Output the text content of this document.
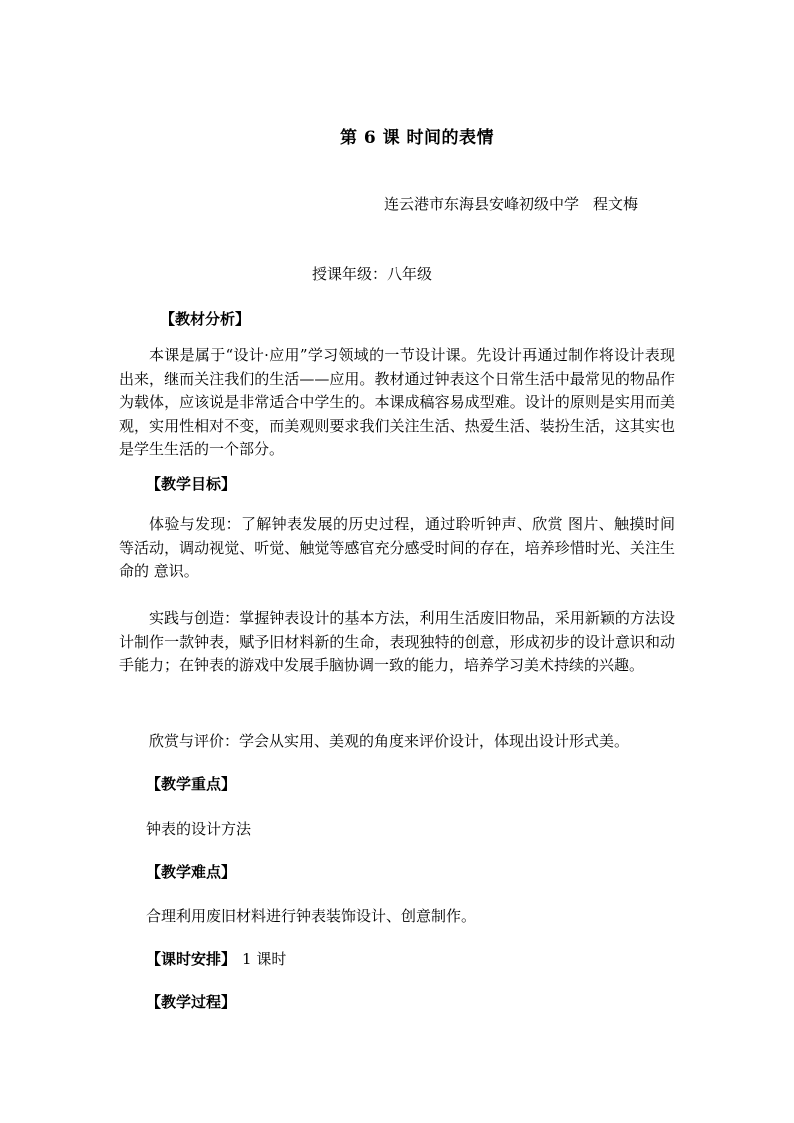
第 6 课 时间的表情
连云港市东海县安峰初级中学 程文梅
授课年级：八年级
【教材分析】
本课是属于“设计·应用”学习领域的一节设计课。先设计再通过制作将设计表现出来，继而关注我们的生活——应用。教材通过钟表这个日常生活中最常见的物品作为载体，应该说是非常适合中学生的。本课成稿容易成型难。设计的原则是实用而美观，实用性相对不变，而美观则要求我们关注生活、热爱生活、装扮生活，这其实也是学生生活的一个部分。
【教学目标】
体验与发现：了解钟表发展的历史过程，通过聆听钟声、欣赏 图片、触摸时间等活动，调动视觉、听觉、触觉等感官充分感受时间的存在，培养珍惜时光、关注生命的 意识。
实践与创造：掌握钟表设计的基本方法，利用生活废旧物品，采用新颖的方法设计制作一款钟表，赋予旧材料新的生命，表现独特的创意，形成初步的设计意识和动手能力；在钟表的游戏中发展手脑协调一致的能力，培养学习美术持续的兴趣。
欣赏与评价：学会从实用、美观的角度来评价设计，体现出设计形式美。
【教学重点】
钟表的设计方法
【教学难点】
合理利用废旧材料进行钟表装饰设计、创意制作。
【课时安排】 1 课时
【教学过程】
